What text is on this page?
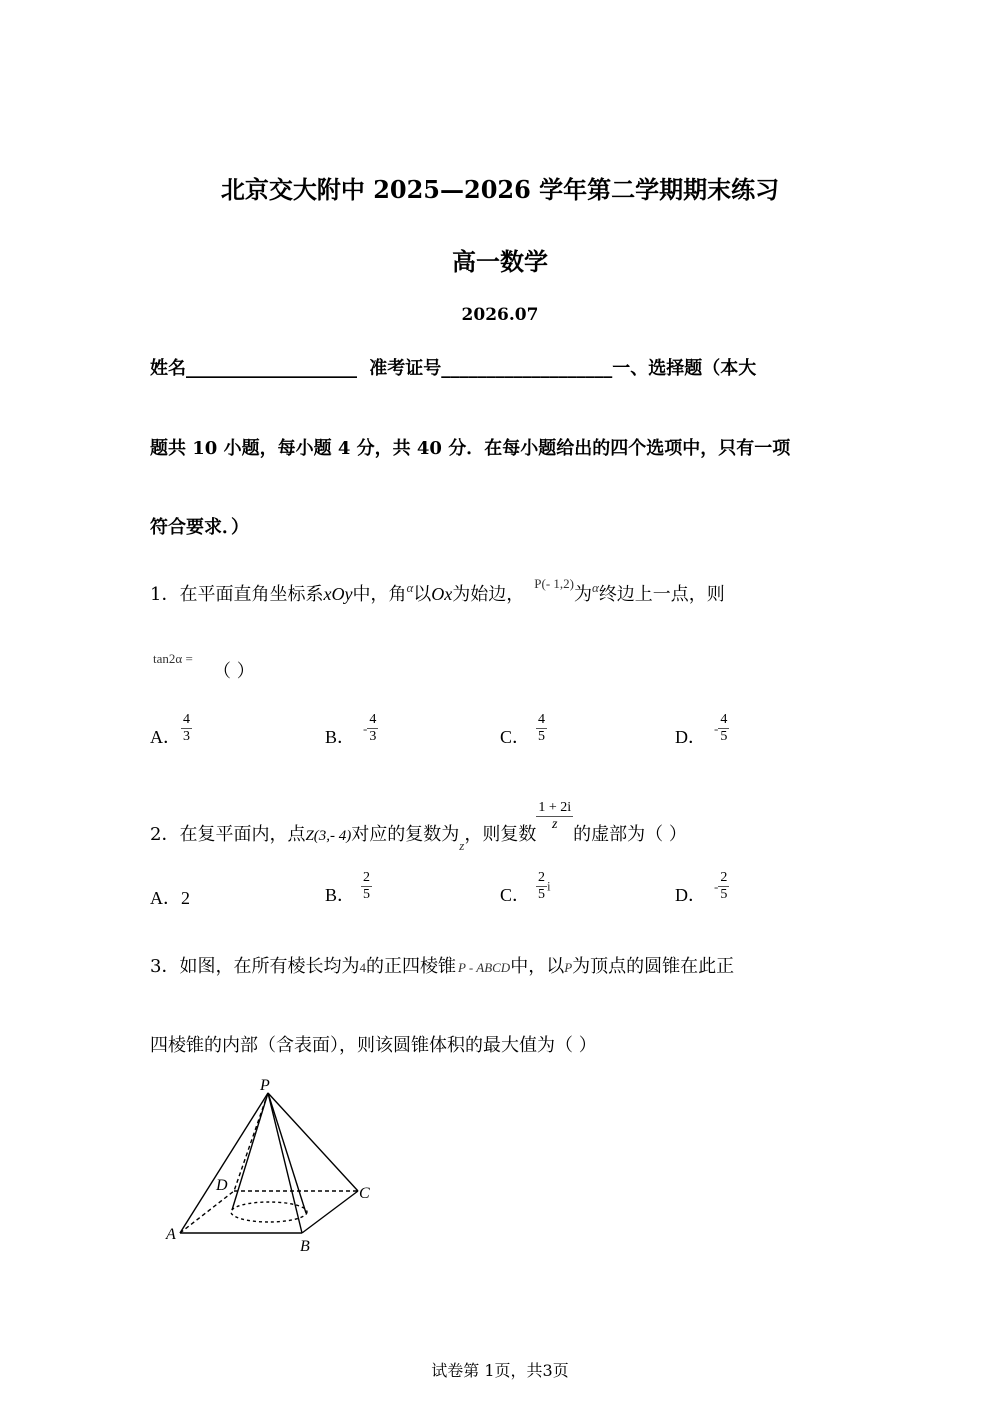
北京交大附中 2025—2026 学年第二学期期末练习
高一数学
2026.07
姓名___________________ 准考证号___________________一、选择题（本大
题共 10 小题，每小题 4 分，共 40 分．在每小题给出的四个选项中，只有一项
符合要求．）
1．在平面直角坐标系xOy中，角$^\alpha$以Ox为始边，$^{P(- 1,2)}$为$^\alpha$终边上一点，则
tan2α =
（ ）
A． $\frac{4}{3}$	B． - $\frac{4}{3}$	C． $\frac{4}{5}$	D． - $\frac{4}{5}$
2．在复平面内，点$_{Z(3,- 4)}$对应的复数为$_z$，则复数
$\frac{1 + 2i}{z}$
的虚部为（ ）
A．2	B． $\frac{2}{5}$	C． $\frac{2}{5}$ i	D． - $\frac{2}{5}$
3．如图，在所有棱长均为4的正四棱锥 P - ABCD中，以P为顶点的圆锥在此正
四棱锥的内部（含表面），则该圆锥体积的最大值为（ ）
P
A
B
C
D
试卷第 1页，共3页
